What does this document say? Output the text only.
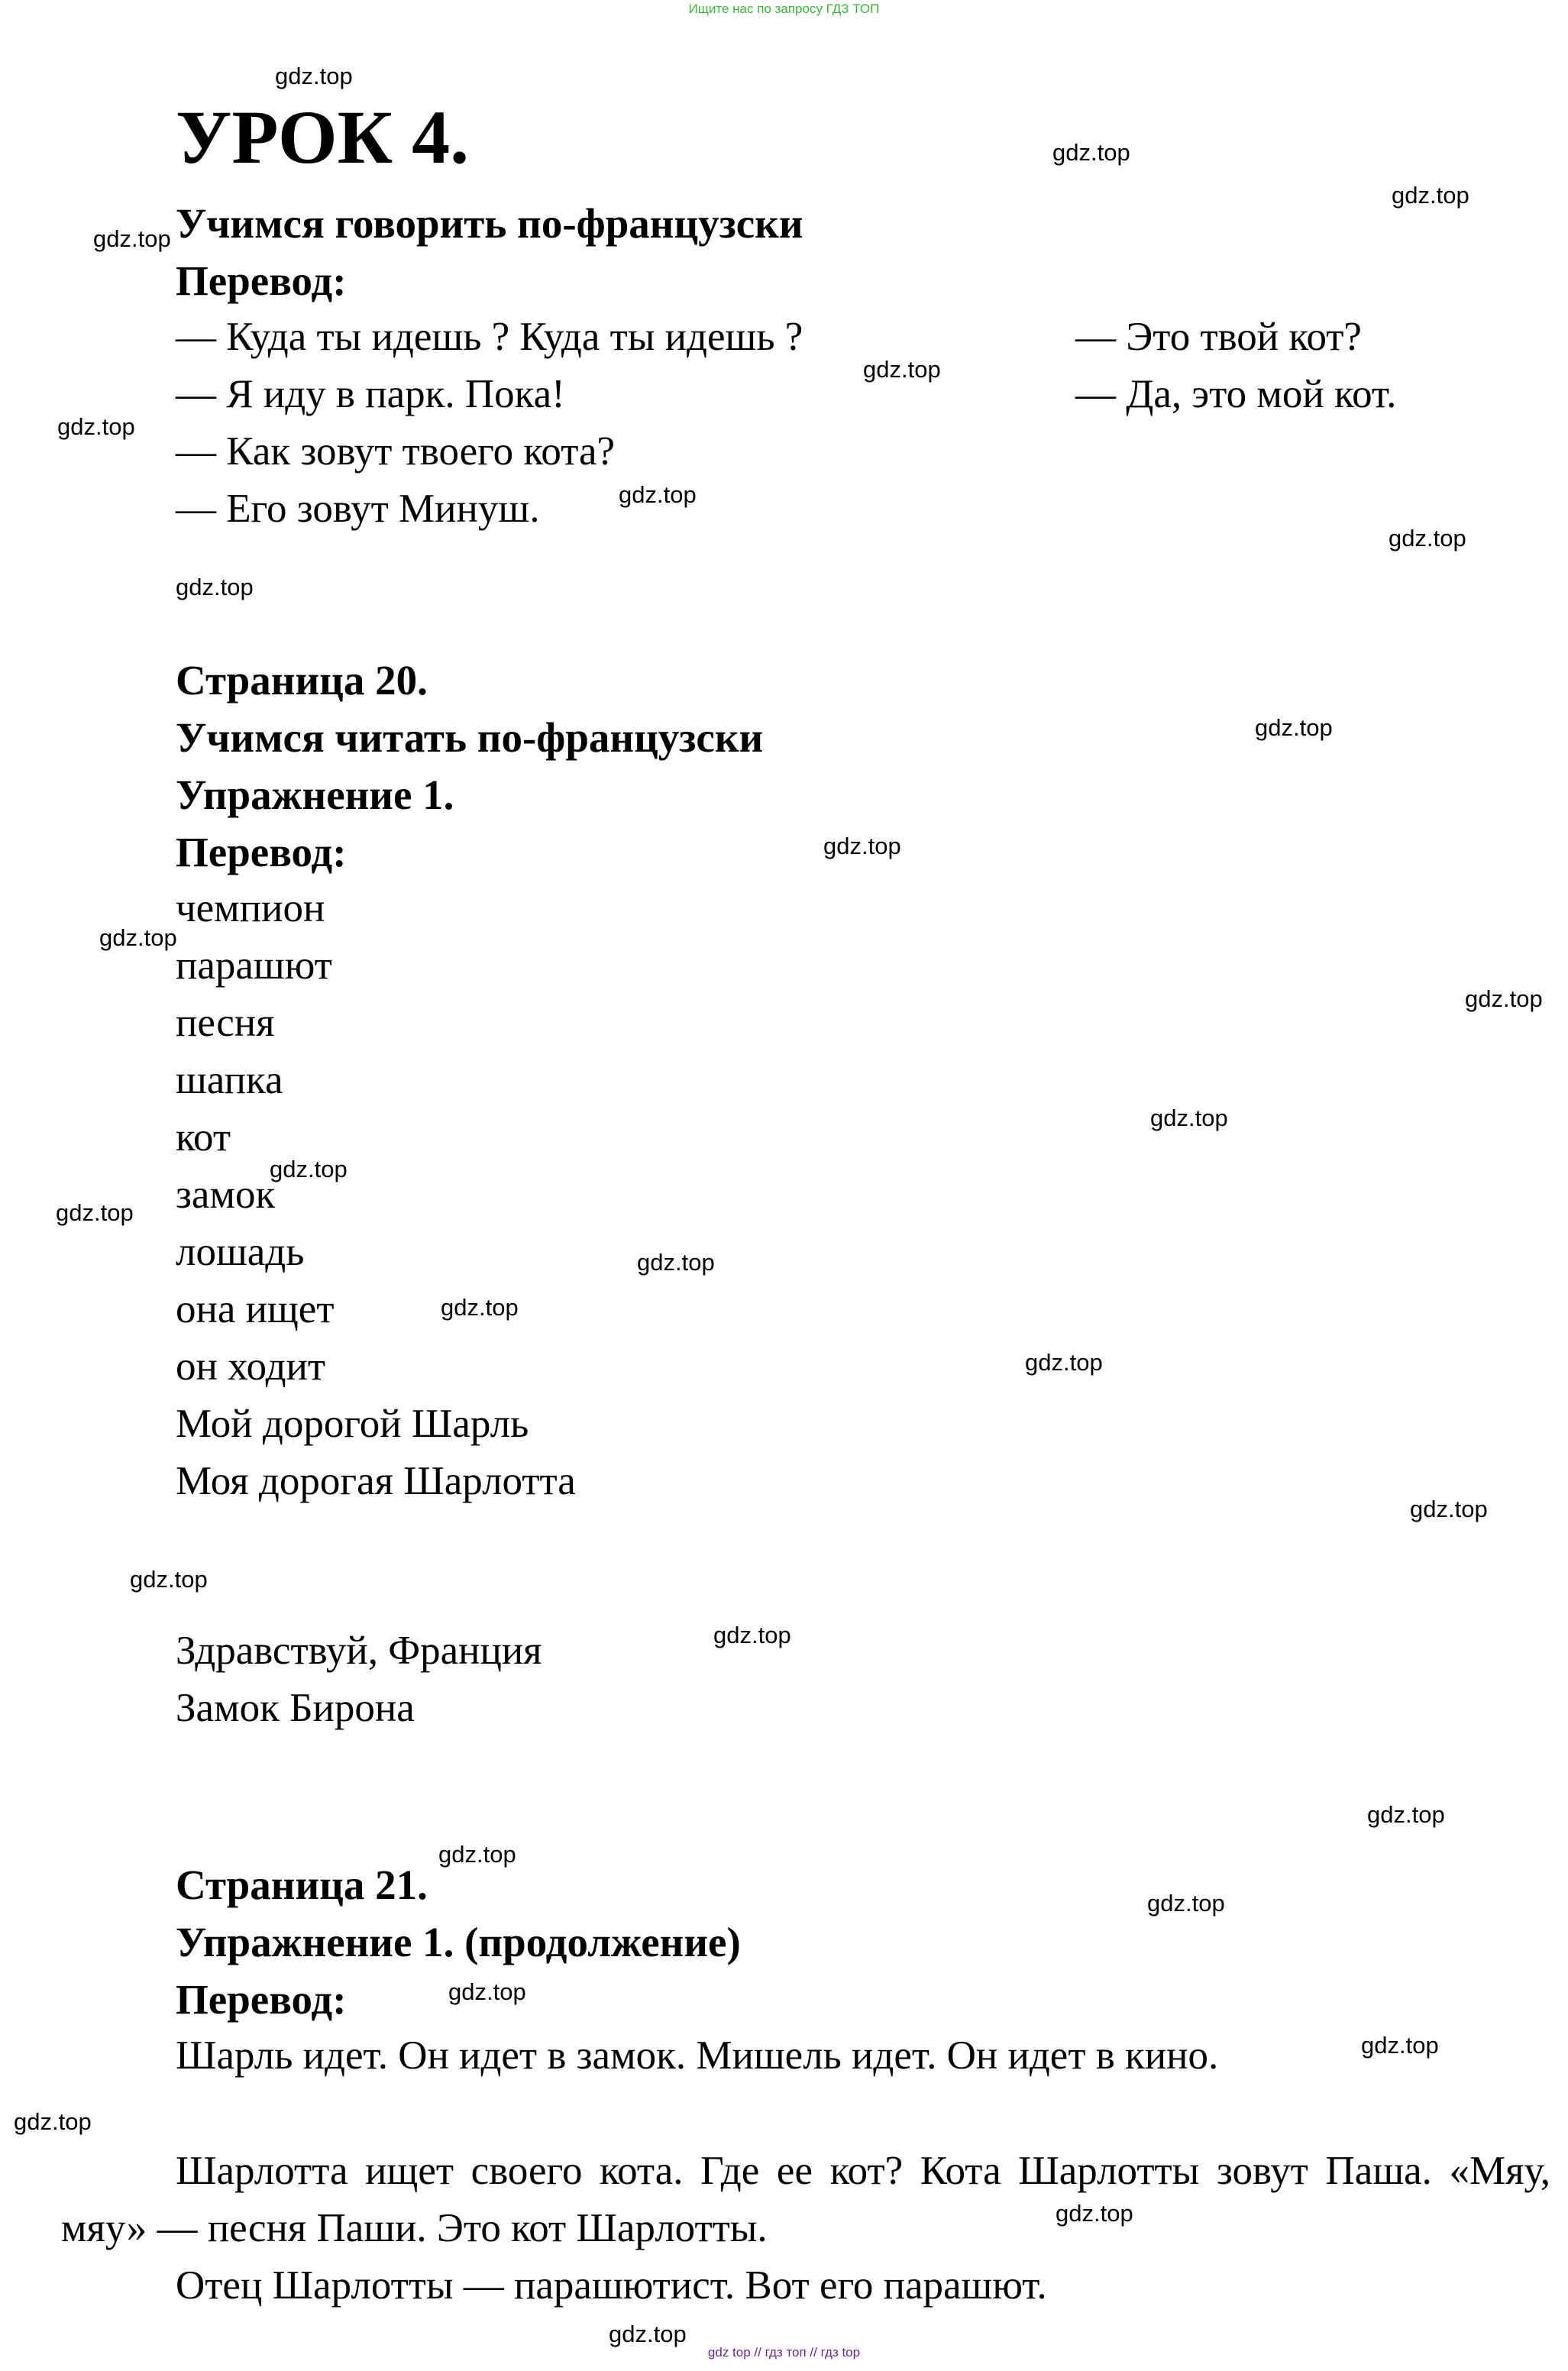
Ищите нас по запросу ГДЗ ТОП
gdz.top
gdz.top
gdz.top
gdz.top
gdz.top
gdz.top
gdz.top
gdz.top
gdz.top
gdz.top
gdz.top
gdz.top
gdz.top
gdz.top
gdz.top
gdz.top
gdz.top
gdz.top
gdz.top
gdz.top
gdz.top
gdz.top
gdz.top
gdz.top
gdz.top
gdz.top
gdz.top
gdz.top
gdz.top
gdz.top
УРОК 4.
Учимся говорить по-французски
Перевод:
— Куда ты идешь ? Куда ты идешь ?
— Я иду в парк. Пока!
— Как зовут твоего кота?
— Его зовут Минуш.
— Это твой кот?
— Да, это мой кот.
Страница 20.
Учимся читать по-французски
Упражнение 1.
Перевод:
чемпион
парашют
песня
шапка
кот
замок
лошадь
она ищет
он ходит
Мой дорогой Шарль
Моя дорогая Шарлотта
Здравствуй, Франция
Замок Бирона
Страница 21.
Упражнение 1. (продолжение)
Перевод:
Шарль идет. Он идет в замок. Мишель идет. Он идет в кино.
Шарлотта ищет своего кота. Где ее кот? Кота Шарлотты зовут Паша. «Мяу, мяу» — песня Паши. Это кот Шарлотты.
Отец Шарлотты — парашютист. Вот его парашют.
gdz top // гдз топ // гдз top
